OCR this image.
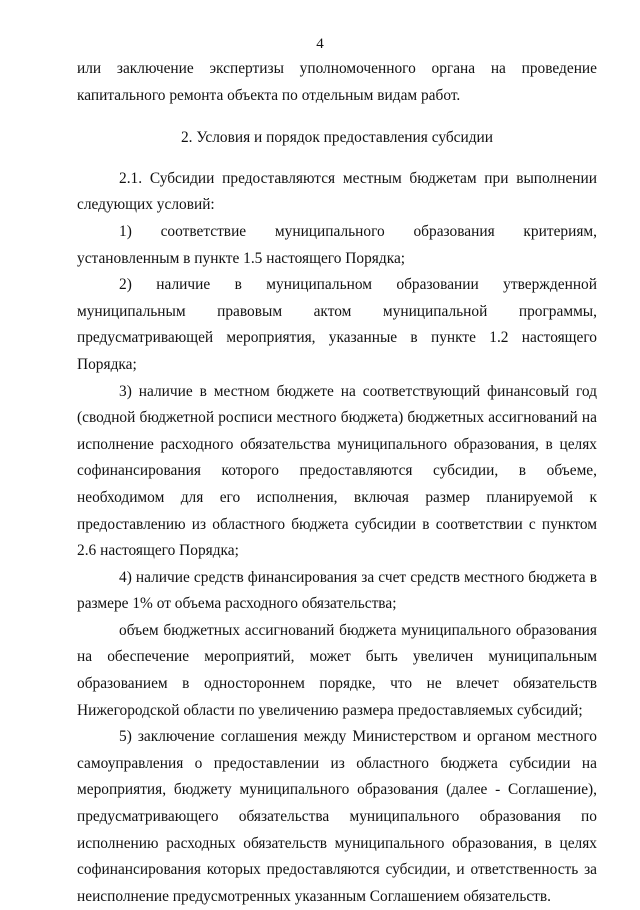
4

или заключение экспертизы уполномоченного органа на проведение капитального ремонта объекта по отдельным видам работ.

2. Условия и порядок предоставления субсидии

2.1. Субсидии предоставляются местным бюджетам при выполнении следующих условий:

1) соответствие муниципального образования критериям, установленным в пункте 1.5 настоящего Порядка;

2) наличие в муниципальном образовании утвержденной муниципальным правовым актом муниципальной программы, предусматривающей мероприятия, указанные в пункте 1.2 настоящего Порядка;

3) наличие в местном бюджете на соответствующий финансовый год (сводной бюджетной росписи местного бюджета) бюджетных ассигнований на исполнение расходного обязательства муниципального образования, в целях софинансирования которого предоставляются субсидии, в объеме, необходимом для его исполнения, включая размер планируемой к предоставлению из областного бюджета субсидии в соответствии с пунктом 2.6 настоящего Порядка;

4) наличие средств финансирования за счет средств местного бюджета в размере 1% от объема расходного обязательства;

объем бюджетных ассигнований бюджета муниципального образования на обеспечение мероприятий, может быть увеличен муниципальным образованием в одностороннем порядке, что не влечет обязательств Нижегородской области по увеличению размера предоставляемых субсидий;

5) заключение соглашения между Министерством и органом местного самоуправления о предоставлении из областного бюджета субсидии на мероприятия, бюджету муниципального образования (далее - Соглашение), предусматривающего обязательства муниципального образования по исполнению расходных обязательств муниципального образования, в целях софинансирования которых предоставляются субсидии, и ответственность за неисполнение предусмотренных указанным Соглашением обязательств.
